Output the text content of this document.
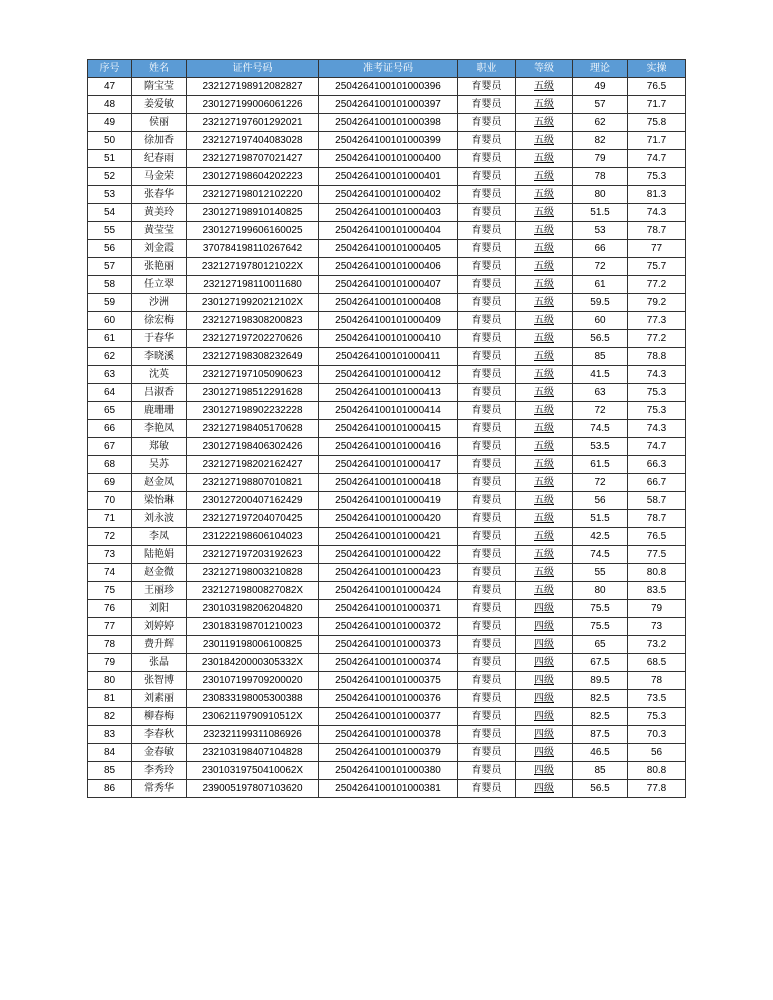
序号	姓名	证件号码	准考证号码	职业	等级	理论	实操
47	隋宝莹	232127198912082827	2504264100101000396	育婴员	五级	49	76.5
48	姜爱敏	230127199006061226	2504264100101000397	育婴员	五级	57	71.7
49	侯丽	232127197601292021	2504264100101000398	育婴员	五级	62	75.8
50	徐加香	232127197404083028	2504264100101000399	育婴员	五级	82	71.7
51	纪春雨	232127198707021427	2504264100101000400	育婴员	五级	79	74.7
52	马金荣	230127198604202223	2504264100101000401	育婴员	五级	78	75.3
53	张春华	232127198012102220	2504264100101000402	育婴员	五级	80	81.3
54	黄美玲	230127198910140825	2504264100101000403	育婴员	五级	51.5	74.3
55	黄莹莹	230127199606160025	2504264100101000404	育婴员	五级	53	78.7
56	刘金霞	370784198110267642	2504264100101000405	育婴员	五级	66	77
57	张艳丽	23212719780121022X	2504264100101000406	育婴员	五级	72	75.7
58	任立翠	232127198110011680	2504264100101000407	育婴员	五级	61	77.2
59	沙洲	23012719920212102X	2504264100101000408	育婴员	五级	59.5	79.2
60	徐宏梅	232127198308200823	2504264100101000409	育婴员	五级	60	77.3
61	于春华	232127197202270626	2504264100101000410	育婴员	五级	56.5	77.2
62	李晓溪	232127198308232649	2504264100101000411	育婴员	五级	85	78.8
63	沈英	232127197105090623	2504264100101000412	育婴员	五级	41.5	74.3
64	吕淑香	230127198512291628	2504264100101000413	育婴员	五级	63	75.3
65	鹿珊珊	230127198902232228	2504264100101000414	育婴员	五级	72	75.3
66	李艳凤	232127198405170628	2504264100101000415	育婴员	五级	74.5	74.3
67	郑敏	230127198406302426	2504264100101000416	育婴员	五级	53.5	74.7
68	吴苏	232127198202162427	2504264100101000417	育婴员	五级	61.5	66.3
69	赵金凤	232127198807010821	2504264100101000418	育婴员	五级	72	66.7
70	梁怡琳	230127200407162429	2504264100101000419	育婴员	五级	56	58.7
71	刘永波	232127197204070425	2504264100101000420	育婴员	五级	51.5	78.7
72	李凤	231222198606104023	2504264100101000421	育婴员	五级	42.5	76.5
73	陆艳娟	232127197203192623	2504264100101000422	育婴员	五级	74.5	77.5
74	赵金微	232127198003210828	2504264100101000423	育婴员	五级	55	80.8
75	王丽珍	23212719800827082X	2504264100101000424	育婴员	五级	80	83.5
76	刘阳	230103198206204820	2504264100101000371	育婴员	四级	75.5	79
77	刘婷婷	230183198701210023	2504264100101000372	育婴员	四级	75.5	73
78	费升辉	230119198006100825	2504264100101000373	育婴员	四级	65	73.2
79	张晶	23018420000305332X	2504264100101000374	育婴员	四级	67.5	68.5
80	张智博	230107199709200020	2504264100101000375	育婴员	四级	89.5	78
81	刘素丽	230833198005300388	2504264100101000376	育婴员	四级	82.5	73.5
82	柳春梅	23062119790910512X	2504264100101000377	育婴员	四级	82.5	75.3
83	李春秋	232321199311086926	2504264100101000378	育婴员	四级	87.5	70.3
84	金春敏	232103198407104828	2504264100101000379	育婴员	四级	46.5	56
85	李秀玲	23010319750410062X	2504264100101000380	育婴员	四级	85	80.8
86	常秀华	239005197807103620	2504264100101000381	育婴员	四级	56.5	77.8
